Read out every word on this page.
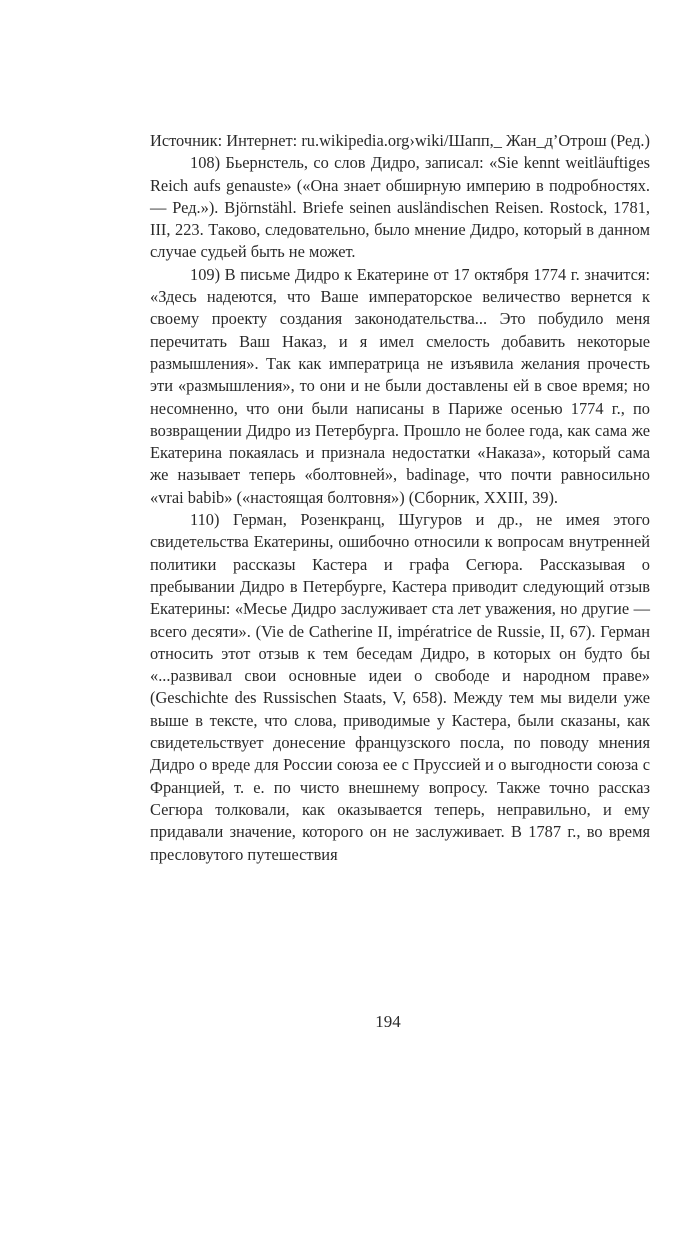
Источник: Интернет: ru.wikipedia.org›wiki/Шапп,_ Жан_д’Отрош (Ред.)

108) Бьернстель, со слов Дидро, записал: «Sie kennt weitläuftiges Reich aufs genauste» («Она знает обширную империю в подробностях. — Ред.»). Björnstähl. Briefe seinen ausländischen Reisen. Rostock, 1781, III, 223. Таково, следовательно, было мнение Дидро, который в данном случае судьей быть не может.

109) В письме Дидро к Екатерине от 17 октября 1774 г. значится: «Здесь надеются, что Ваше императорское величество вернется к своему проекту создания законодательства... Это побудило меня перечитать Ваш Наказ, и я имел смелость добавить некоторые размышления». Так как императрица не изъявила желания прочесть эти «размышления», то они и не были доставлены ей в свое время; но несомненно, что они были написаны в Париже осенью 1774 г., по возвращении Дидро из Петербурга. Прошло не более года, как сама же Екатерина покаялась и признала недостатки «Наказа», который сама же называет теперь «болтовней», badinage, что почти равносильно «vrai babib» («настоящая болтовня») (Сборник, XXIII, 39).

110) Герман, Розенкранц, Шугуров и др., не имея этого свидетельства Екатерины, ошибочно относили к вопросам внутренней политики рассказы Кастера и графа Сегюра. Рассказывая о пребывании Дидро в Петербурге, Кастера приводит следующий отзыв Екатерины: «Месье Дидро заслуживает ста лет уважения, но другие — всего десяти». (Vie de Catherine II, impératrice de Russie, II, 67). Герман относить этот отзыв к тем беседам Дидро, в которых он будто бы «...развивал свои основные идеи о свободе и народном праве» (Geschichte des Russischen Staats, V, 658). Между тем мы видели уже выше в тексте, что слова, приводимые у Кастера, были сказаны, как свидетельствует донесение французского посла, по поводу мнения Дидро о вреде для России союза ее с Пруссией и о выгодности союза с Францией, т. е. по чисто внешнему вопросу. Также точно рассказ Сегюра толковали, как оказывается теперь, неправильно, и ему придавали значение, которого он не заслуживает. В 1787 г., во время пресловутого путешествия

194
